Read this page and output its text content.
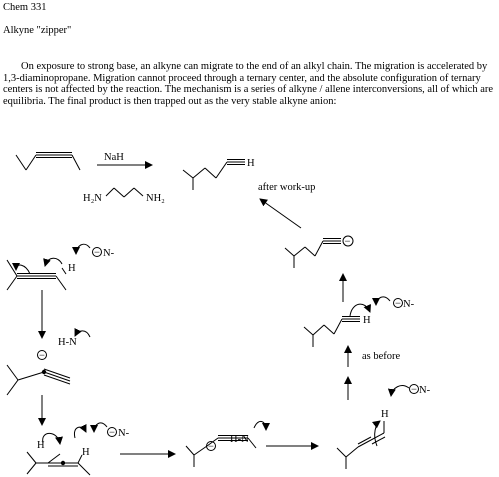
Chem 331
Alkyne "zipper"
On exposure to strong base, an alkyne can migrate to the end of an alkyl chain. The migration is accelerated by 1,3-diaminopropane. Migration cannot proceed through a ternary center, and the absolute configuration of ternary centers is not affected by the reaction. The mechanism is a series of alkyne / allene interconversions, all of which are equilibria. The final product is then trapped out as the very stable alkyne anion:
NaH
H₂N	NH₂
H
after work-up
−
H
− N-
as before
H
− N-
H
− N-
−
H-N
H
H
− N-
−
H-N
